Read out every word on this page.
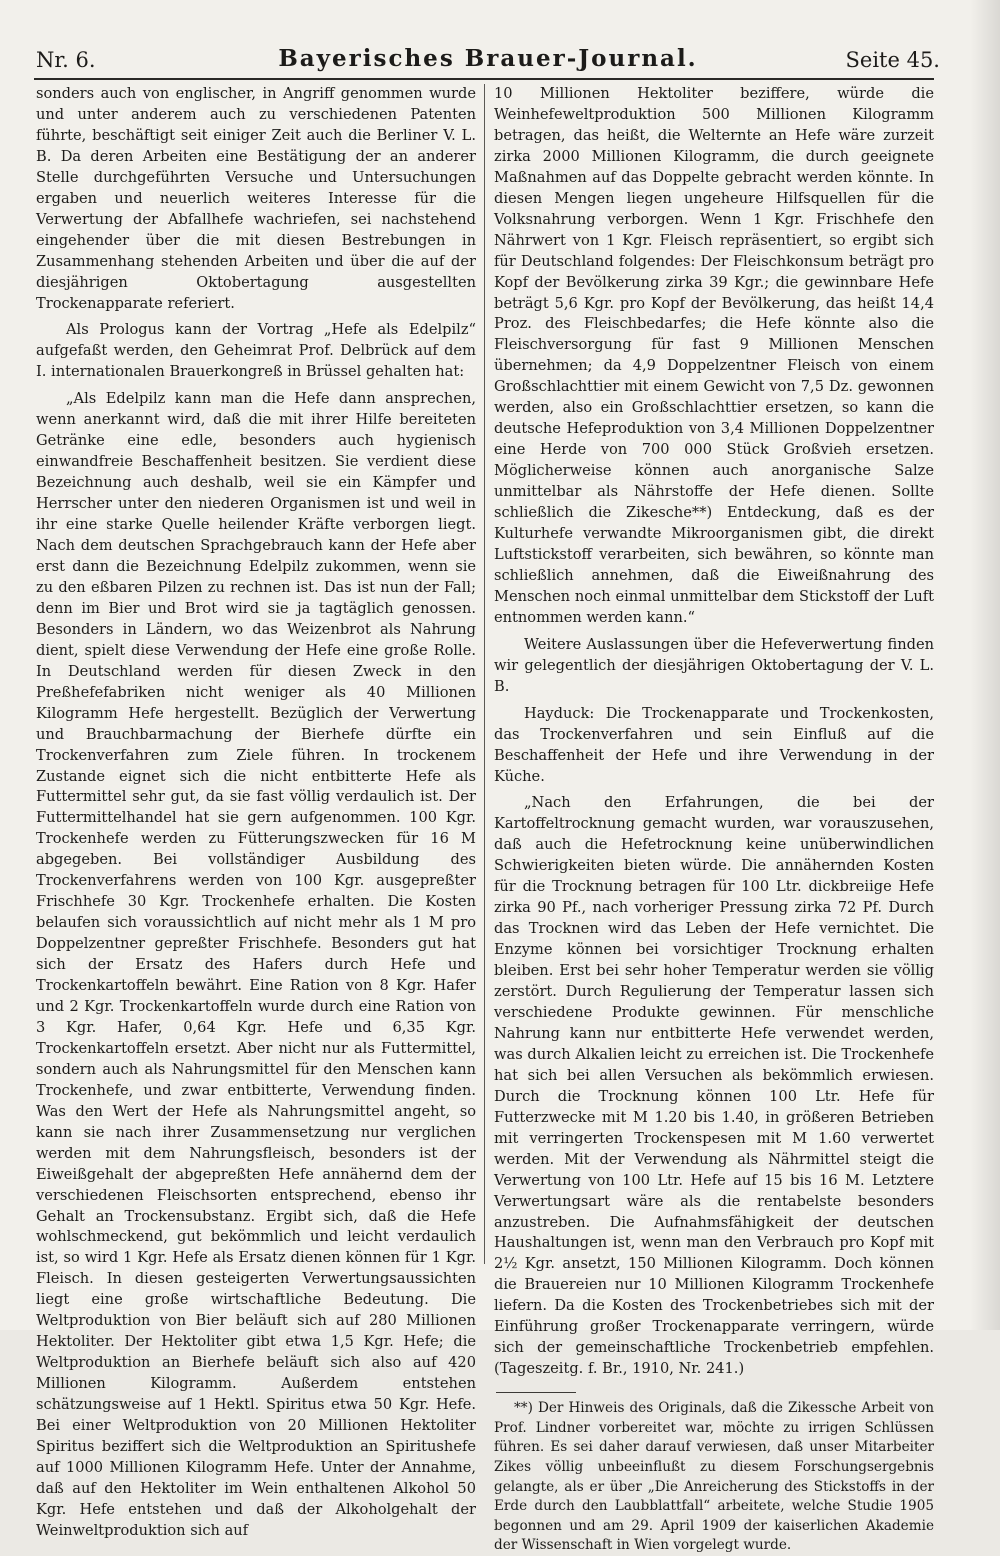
Nr. 6.	Bayerisches Brauer-Journal.	Seite 45.

sonders auch von englischer, in Angriff genommen wurde und unter anderem auch zu verschiedenen Patenten führte, beschäftigt seit einiger Zeit auch die Berliner V. L. B. Da deren Arbeiten eine Bestätigung der an anderer Stelle durchgeführten Versuche und Untersuchungen ergaben und neuerlich weiteres Interesse für die Verwertung der Abfallhefe wachriefen, sei nachstehend eingehender über die mit diesen Bestrebungen in Zusammenhang stehenden Arbeiten und über die auf der diesjährigen Oktobertagung ausgestellten Trockenapparate referiert.

Als Prologus kann der Vortrag „Hefe als Edelpilz“ aufgefaßt werden, den Geheimrat Prof. Delbrück auf dem I. internationalen Brauerkongreß in Brüssel gehalten hat:

„Als Edelpilz kann man die Hefe dann ansprechen, wenn anerkannt wird, daß die mit ihrer Hilfe bereiteten Getränke eine edle, besonders auch hygienisch einwandfreie Beschaffenheit besitzen. Sie verdient diese Bezeichnung auch deshalb, weil sie ein Kämpfer und Herrscher unter den niederen Organismen ist und weil in ihr eine starke Quelle heilender Kräfte verborgen liegt. Nach dem deutschen Sprachgebrauch kann der Hefe aber erst dann die Bezeichnung Edelpilz zukommen, wenn sie zu den eßbaren Pilzen zu rechnen ist. Das ist nun der Fall; denn im Bier und Brot wird sie ja tagtäglich genossen. Besonders in Ländern, wo das Weizenbrot als Nahrung dient, spielt diese Verwendung der Hefe eine große Rolle. In Deutschland werden für diesen Zweck in den Preßhefefabriken nicht weniger als 40 Millionen Kilogramm Hefe hergestellt. Bezüglich der Verwertung und Brauchbarmachung der Bierhefe dürfte ein Trockenverfahren zum Ziele führen. In trockenem Zustande eignet sich die nicht entbitterte Hefe als Futtermittel sehr gut, da sie fast völlig verdaulich ist. Der Futtermittelhandel hat sie gern aufgenommen. 100 Kgr. Trockenhefe werden zu Fütterungszwecken für 16 M abgegeben. Bei vollständiger Ausbildung des Trockenverfahrens werden von 100 Kgr. ausgepreßter Frischhefe 30 Kgr. Trockenhefe erhalten. Die Kosten belaufen sich voraussichtlich auf nicht mehr als 1 M pro Doppelzentner gepreßter Frischhefe. Besonders gut hat sich der Ersatz des Hafers durch Hefe und Trockenkartoffeln bewährt. Eine Ration von 8 Kgr. Hafer und 2 Kgr. Trockenkartoffeln wurde durch eine Ration von 3 Kgr. Hafer, 0,64 Kgr. Hefe und 6,35 Kgr. Trockenkartoffeln ersetzt. Aber nicht nur als Futtermittel, sondern auch als Nahrungsmittel für den Menschen kann Trockenhefe, und zwar entbitterte, Verwendung finden. Was den Wert der Hefe als Nahrungsmittel angeht, so kann sie nach ihrer Zusammensetzung nur verglichen werden mit dem Nahrungsfleisch, besonders ist der Eiweißgehalt der abgepreßten Hefe annähernd dem der verschiedenen Fleischsorten entsprechend, ebenso ihr Gehalt an Trockensubstanz. Ergibt sich, daß die Hefe wohlschmeckend, gut bekömmlich und leicht verdaulich ist, so wird 1 Kgr. Hefe als Ersatz dienen können für 1 Kgr. Fleisch. In diesen gesteigerten Verwertungsaussichten liegt eine große wirtschaftliche Bedeutung. Die Weltproduktion von Bier beläuft sich auf 280 Millionen Hektoliter. Der Hektoliter gibt etwa 1,5 Kgr. Hefe; die Weltproduktion an Bierhefe beläuft sich also auf 420 Millionen Kilogramm. Außerdem entstehen schätzungsweise auf 1 Hektl. Spiritus etwa 50 Kgr. Hefe. Bei einer Weltproduktion von 20 Millionen Hektoliter Spiritus beziffert sich die Weltproduktion an Spiritushefe auf 1000 Millionen Kilogramm Hefe. Unter der Annahme, daß auf den Hektoliter im Wein enthaltenen Alkohol 50 Kgr. Hefe entstehen und daß der Alkoholgehalt der Weinweltproduktion sich auf

10 Millionen Hektoliter beziffere, würde die Weinhefeweltproduktion 500 Millionen Kilogramm betragen, das heißt, die Welternte an Hefe wäre zurzeit zirka 2000 Millionen Kilogramm, die durch geeignete Maßnahmen auf das Doppelte gebracht werden könnte. In diesen Mengen liegen ungeheure Hilfsquellen für die Volksnahrung verborgen. Wenn 1 Kgr. Frischhefe den Nährwert von 1 Kgr. Fleisch repräsentiert, so ergibt sich für Deutschland folgendes: Der Fleischkonsum beträgt pro Kopf der Bevölkerung zirka 39 Kgr.; die gewinnbare Hefe beträgt 5,6 Kgr. pro Kopf der Bevölkerung, das heißt 14,4 Proz. des Fleischbedarfes; die Hefe könnte also die Fleischversorgung für fast 9 Millionen Menschen übernehmen; da 4,9 Doppelzentner Fleisch von einem Großschlachttier mit einem Gewicht von 7,5 Dz. gewonnen werden, also ein Großschlachttier ersetzen, so kann die deutsche Hefeproduktion von 3,4 Millionen Doppelzentner eine Herde von 700 000 Stück Großvieh ersetzen. Möglicherweise können auch anorganische Salze unmittelbar als Nährstoffe der Hefe dienen. Sollte schließlich die Zikesche**) Entdeckung, daß es der Kulturhefe verwandte Mikroorganismen gibt, die direkt Luftstickstoff verarbeiten, sich bewähren, so könnte man schließlich annehmen, daß die Eiweißnahrung des Menschen noch einmal unmittelbar dem Stickstoff der Luft entnommen werden kann.“

Weitere Auslassungen über die Hefeverwertung finden wir gelegentlich der diesjährigen Oktobertagung der V. L. B.

Hayduck: Die Trockenapparate und Trockenkosten, das Trockenverfahren und sein Einfluß auf die Beschaffenheit der Hefe und ihre Verwendung in der Küche.

„Nach den Erfahrungen, die bei der Kartoffeltrocknung gemacht wurden, war vorauszusehen, daß auch die Hefetrocknung keine unüberwindlichen Schwierigkeiten bieten würde. Die annähernden Kosten für die Trocknung betragen für 100 Ltr. dickbreiige Hefe zirka 90 Pf., nach vorheriger Pressung zirka 72 Pf. Durch das Trocknen wird das Leben der Hefe vernichtet. Die Enzyme können bei vorsichtiger Trocknung erhalten bleiben. Erst bei sehr hoher Temperatur werden sie völlig zerstört. Durch Regulierung der Temperatur lassen sich verschiedene Produkte gewinnen. Für menschliche Nahrung kann nur entbitterte Hefe verwendet werden, was durch Alkalien leicht zu erreichen ist. Die Trockenhefe hat sich bei allen Versuchen als bekömmlich erwiesen. Durch die Trocknung können 100 Ltr. Hefe für Futterzwecke mit M 1.20 bis 1.40, in größeren Betrieben mit verringerten Trockenspesen mit M 1.60 verwertet werden. Mit der Verwendung als Nährmittel steigt die Verwertung von 100 Ltr. Hefe auf 15 bis 16 M. Letztere Verwertungsart wäre als die rentabelste besonders anzustreben. Die Aufnahmsfähigkeit der deutschen Haushaltungen ist, wenn man den Verbrauch pro Kopf mit 2½ Kgr. ansetzt, 150 Millionen Kilogramm. Doch können die Brauereien nur 10 Millionen Kilogramm Trockenhefe liefern. Da die Kosten des Trockenbetriebes sich mit der Einführung großer Trockenapparate verringern, würde sich der gemeinschaftliche Trockenbetrieb empfehlen. (Tageszeitg. f. Br., 1910, Nr. 241.)

**) Der Hinweis des Originals, daß die Zikessche Arbeit von Prof. Lindner vorbereitet war, möchte zu irrigen Schlüssen führen. Es sei daher darauf verwiesen, daß unser Mitarbeiter Zikes völlig unbeeinflußt zu diesem Forschungsergebnis gelangte, als er über „Die Anreicherung des Stickstoffs in der Erde durch den Laubblattfall“ arbeitete, welche Studie 1905 begonnen und am 29. April 1909 der kaiserlichen Akademie der Wissenschaft in Wien vorgelegt wurde.
